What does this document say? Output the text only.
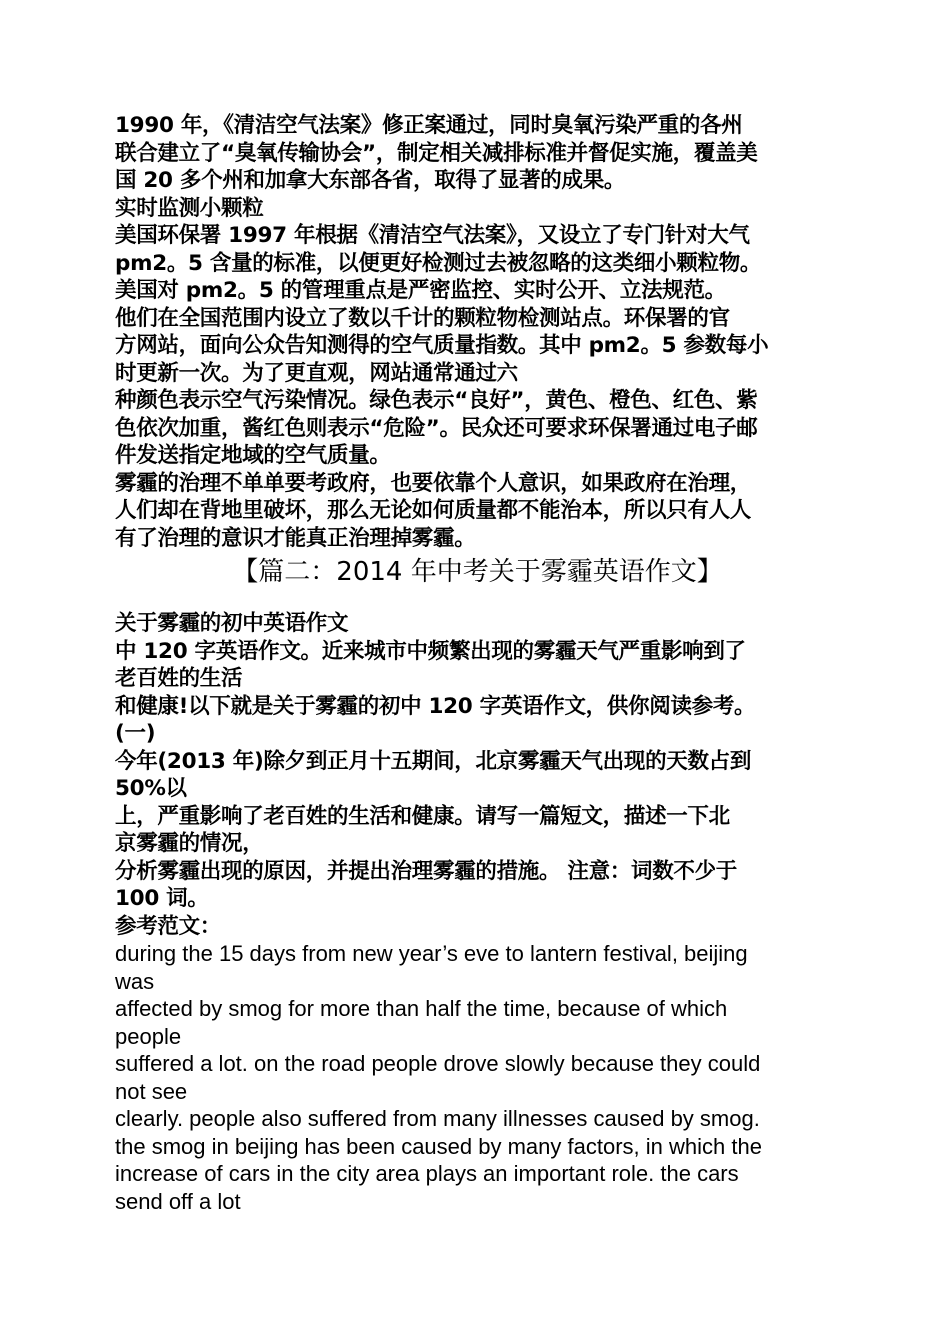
1990 年，《清洁空气法案》修正案通过，同时臭氧污染严重的各州
联合建立了“臭氧传输协会”，制定相关减排标准并督促实施，覆盖美
国 20 多个州和加拿大东部各省，取得了显著的成果。
实时监测小颗粒
美国环保署 1997 年根据《清洁空气法案》，又设立了专门针对大气
pm2。5 含量的标准，以便更好检测过去被忽略的这类细小颗粒物。
美国对 pm2。5 的管理重点是严密监控、实时公开、立法规范。
他们在全国范围内设立了数以千计的颗粒物检测站点。环保署的官
方网站，面向公众告知测得的空气质量指数。其中 pm2。5 参数每小
时更新一次。为了更直观，网站通常通过六
种颜色表示空气污染情况。绿色表示“良好”，黄色、橙色、红色、紫
色依次加重，酱红色则表示“危险”。民众还可要求环保署通过电子邮
件发送指定地域的空气质量。
雾霾的治理不单单要考政府，也要依靠个人意识，如果政府在治理，
人们却在背地里破坏，那么无论如何质量都不能治本，所以只有人人
有了治理的意识才能真正治理掉雾霾。
【篇二：2014 年中考关于雾霾英语作文】
关于雾霾的初中英语作文
中 120 字英语作文。近来城市中频繁出现的雾霾天气严重影响到了
老百姓的生活
和健康!以下就是关于雾霾的初中 120 字英语作文，供你阅读参考。
(一)
今年(2013 年)除夕到正月十五期间，北京雾霾天气出现的天数占到
50%以
上，严重影响了老百姓的生活和健康。请写一篇短文，描述一下北
京雾霾的情况，
分析雾霾出现的原因，并提出治理雾霾的措施。 注意：词数不少于
100 词。
参考范文：
during the 15 days from new year’s eve to lantern festival, beijing
was
affected by smog for more than half the time, because of which
people
suffered a lot. on the road people drove slowly because they could
not see
clearly. people also suffered from many illnesses caused by smog.
the smog in beijing has been caused by many factors, in which the
increase of cars in the city area plays an important role. the cars
send off a lot
